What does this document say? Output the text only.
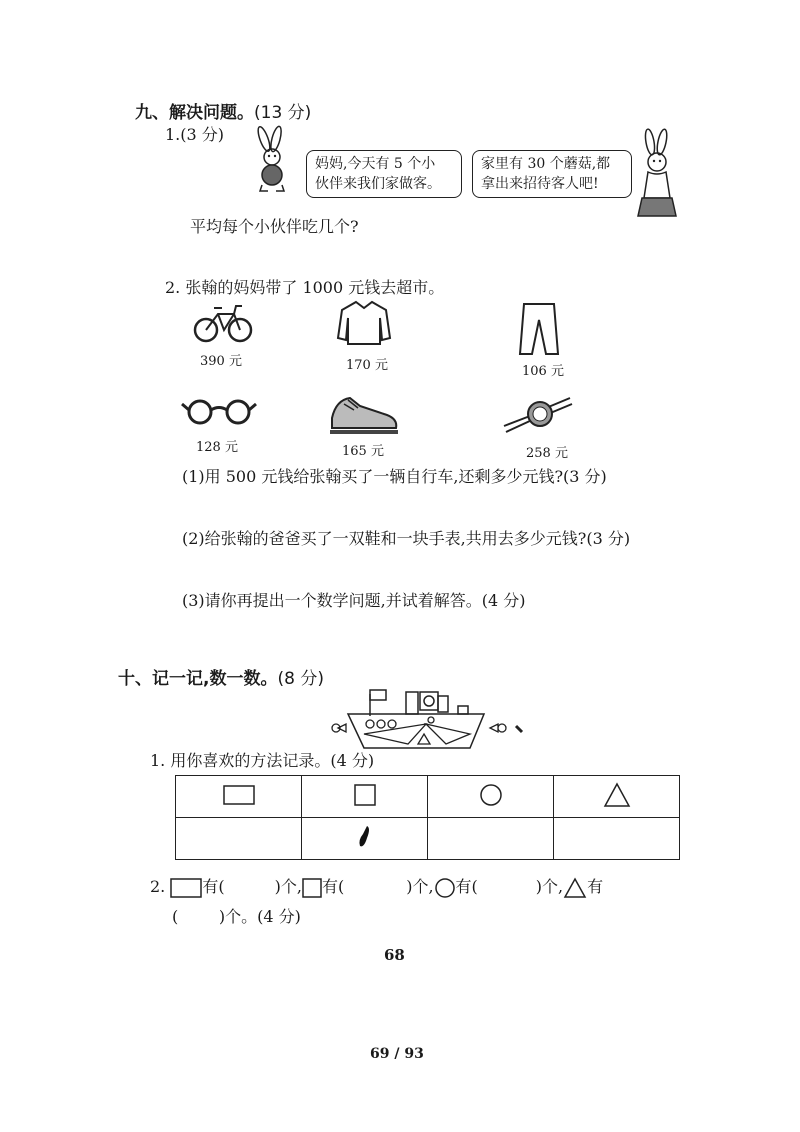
九、解决问题。(13 分)
1.(3 分)
妈妈,今天有 5 个小
伙伴来我们家做客。
家里有 30 个蘑菇,都
拿出来招待客人吧!
平均每个小伙伴吃几个?
2. 张翰的妈妈带了 1000 元钱去超市。
390 元	170 元	106 元
128 元	165 元	258 元
(1)用 500 元钱给张翰买了一辆自行车,还剩多少元钱?(3 分)
(2)给张翰的爸爸买了一双鞋和一块手表,共用去多少元钱?(3 分)
(3)请你再提出一个数学问题,并试着解答。(4 分)
十、记一记,数一数。(8 分)
1. 用你喜欢的方法记录。(4 分)

2. 有(	)个, 有(	)个, 有(	)个, 有
(        )个。(4 分)
68
69 / 93
